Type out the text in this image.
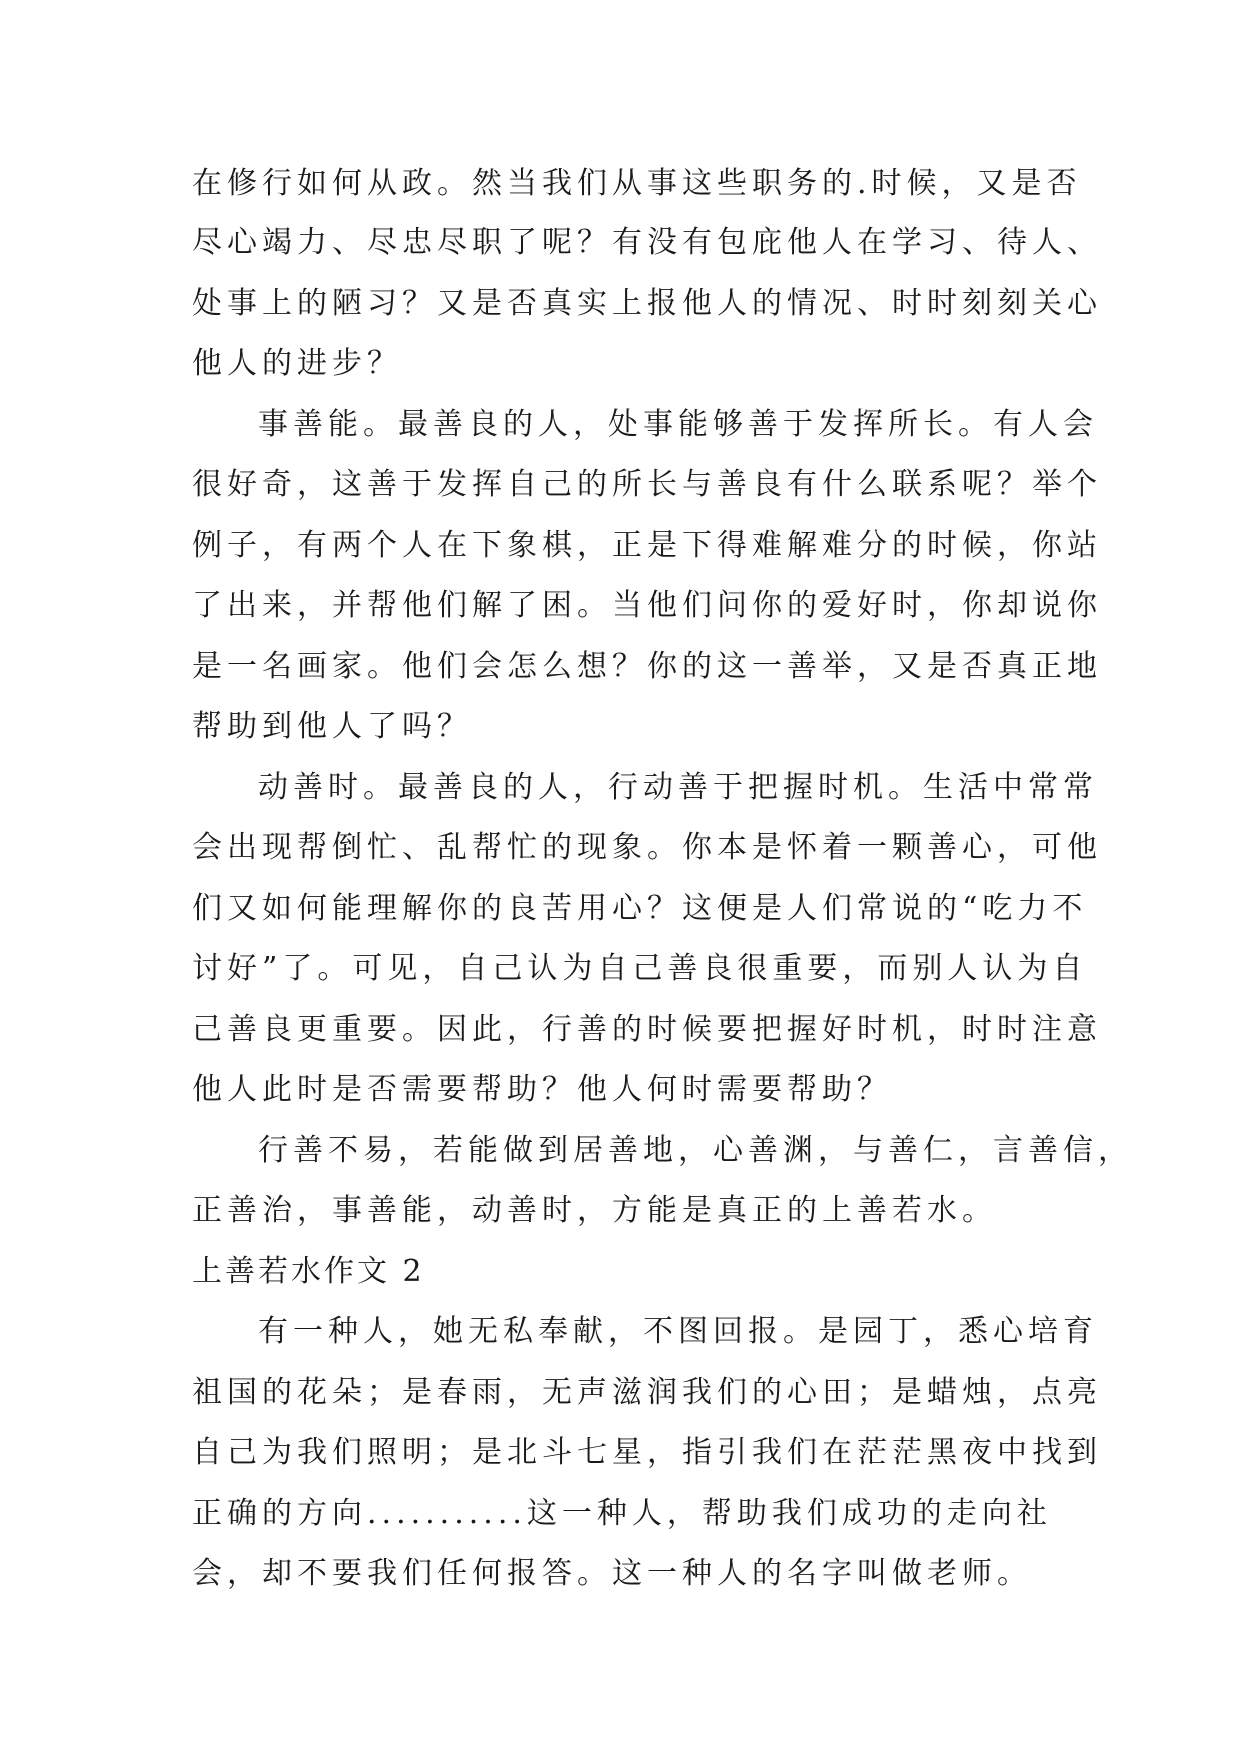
在修行如何从政。然当我们从事这些职务的.时候，又是否
尽心竭力、尽忠尽职了呢？有没有包庇他人在学习、待人、
处事上的陋习？又是否真实上报他人的情况、时时刻刻关心
他人的进步？
事善能。最善良的人，处事能够善于发挥所长。有人会
很好奇，这善于发挥自己的所长与善良有什么联系呢？举个
例子，有两个人在下象棋，正是下得难解难分的时候，你站
了出来，并帮他们解了困。当他们问你的爱好时，你却说你
是一名画家。他们会怎么想？你的这一善举，又是否真正地
帮助到他人了吗？
动善时。最善良的人，行动善于把握时机。生活中常常
会出现帮倒忙、乱帮忙的现象。你本是怀着一颗善心，可他
们又如何能理解你的良苦用心？这便是人们常说的“吃力不
讨好”了。可见，自己认为自己善良很重要，而别人认为自
己善良更重要。因此，行善的时候要把握好时机，时时注意
他人此时是否需要帮助？他人何时需要帮助？
行善不易，若能做到居善地，心善渊，与善仁，言善信，
正善治，事善能，动善时，方能是真正的上善若水。
上善若水作文 2
有一种人，她无私奉献，不图回报。是园丁，悉心培育
祖国的花朵；是春雨，无声滋润我们的心田；是蜡烛，点亮
自己为我们照明；是北斗七星，指引我们在茫茫黑夜中找到
正确的方向...........这一种人，帮助我们成功的走向社
会，却不要我们任何报答。这一种人的名字叫做老师。
